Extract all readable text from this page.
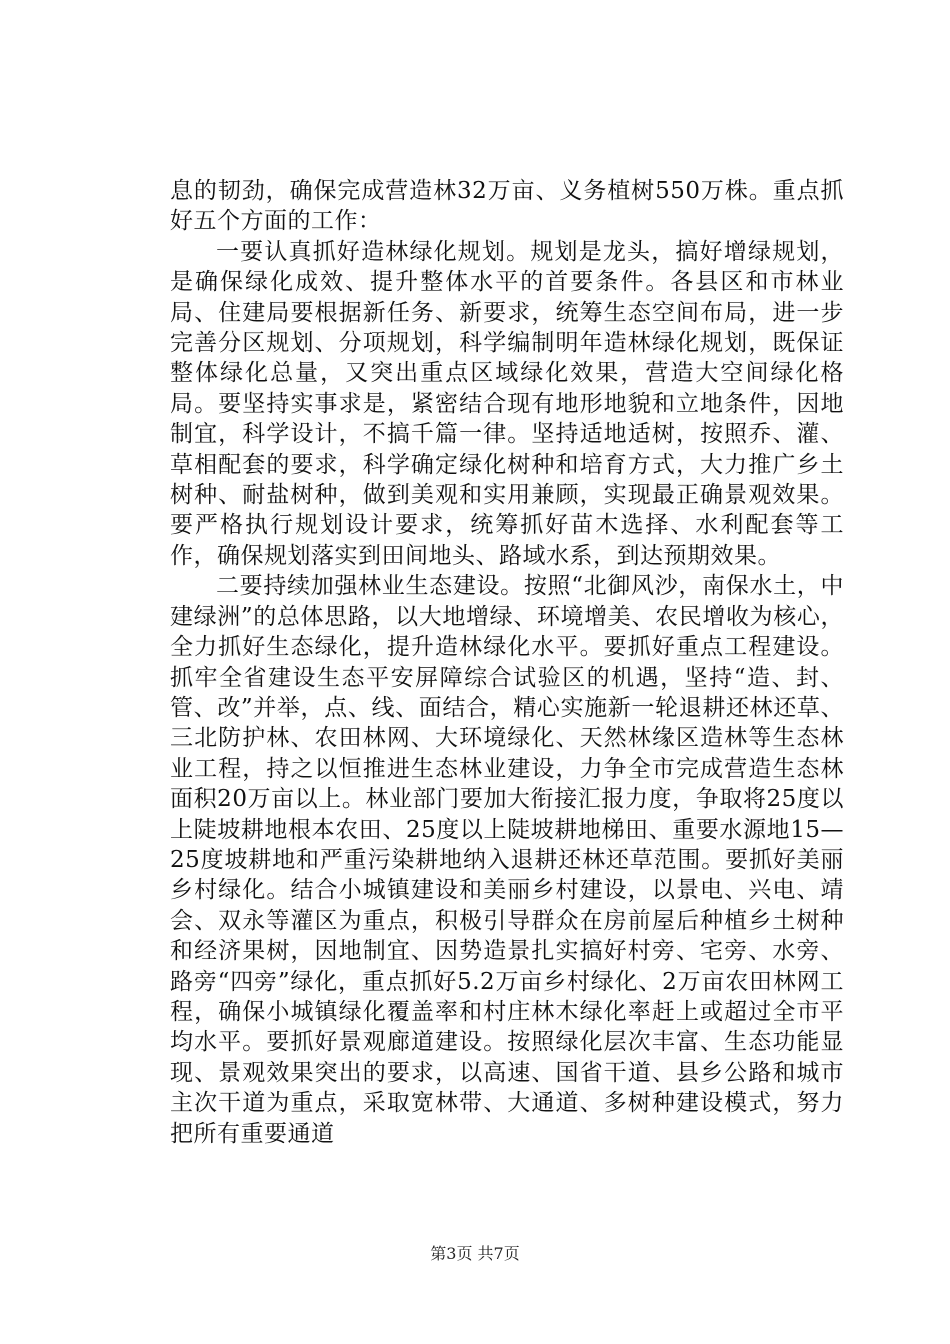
息的韧劲，确保完成营造林32万亩、义务植树550万株。重点抓好五个方面的工作：

一要认真抓好造林绿化规划。规划是龙头，搞好增绿规划，是确保绿化成效、提升整体水平的首要条件。各县区和市林业局、住建局要根据新任务、新要求，统筹生态空间布局，进一步完善分区规划、分项规划，科学编制明年造林绿化规划，既保证整体绿化总量，又突出重点区域绿化效果，营造大空间绿化格局。要坚持实事求是，紧密结合现有地形地貌和立地条件，因地制宜，科学设计，不搞千篇一律。坚持适地适树，按照乔、灌、草相配套的要求，科学确定绿化树种和培育方式，大力推广乡土树种、耐盐树种，做到美观和实用兼顾，实现最正确景观效果。要严格执行规划设计要求，统筹抓好苗木选择、水利配套等工作，确保规划落实到田间地头、路域水系，到达预期效果。

二要持续加强林业生态建设。按照“北御风沙，南保水土，中建绿洲”的总体思路，以大地增绿、环境增美、农民增收为核心，全力抓好生态绿化，提升造林绿化水平。要抓好重点工程建设。抓牢全省建设生态平安屏障综合试验区的机遇，坚持“造、封、管、改”并举，点、线、面结合，精心实施新一轮退耕还林还草、三北防护林、农田林网、大环境绿化、天然林缘区造林等生态林业工程，持之以恒推进生态林业建设，力争全市完成营造生态林面积20万亩以上。林业部门要加大衔接汇报力度，争取将25度以上陡坡耕地根本农田、25度以上陡坡耕地梯田、重要水源地15—25度坡耕地和严重污染耕地纳入退耕还林还草范围。要抓好美丽乡村绿化。结合小城镇建设和美丽乡村建设，以景电、兴电、靖会、双永等灌区为重点，积极引导群众在房前屋后种植乡土树种和经济果树，因地制宜、因势造景扎实搞好村旁、宅旁、水旁、路旁“四旁”绿化，重点抓好5.2万亩乡村绿化、2万亩农田林网工程，确保小城镇绿化覆盖率和村庄林木绿化率赶上或超过全市平均水平。要抓好景观廊道建设。按照绿化层次丰富、生态功能显现、景观效果突出的要求，以高速、国省干道、县乡公路和城市主次干道为重点，采取宽林带、大通道、多树种建设模式，努力把所有重要通道

第3页 共7页
